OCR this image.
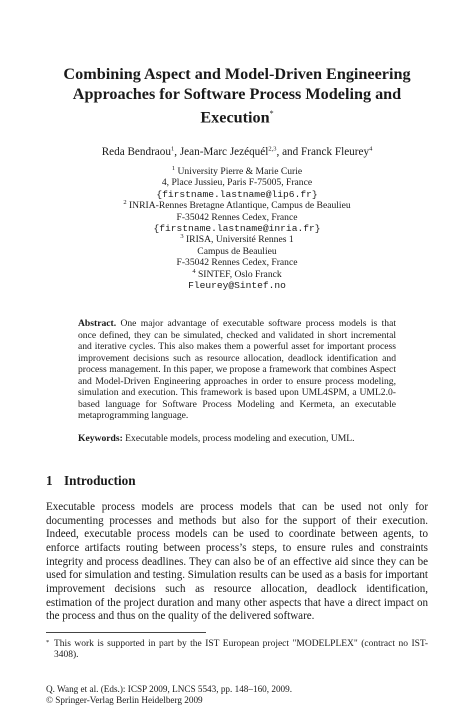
Combining Aspect and Model-Driven Engineering
Approaches for Software Process Modeling and
Execution*
Reda Bendraou$^1$, Jean-Marc Jezéquél$^{2,3}$, and Franck Fleurey$^4$
$^1$ University Pierre & Marie Curie
4, Place Jussieu, Paris F-75005, France
{firstname.lastname@lip6.fr}
$^2$ INRIA-Rennes Bretagne Atlantique, Campus de Beaulieu
F-35042 Rennes Cedex, France
{firstname.lastname@inria.fr}
$^3$ IRISA, Université Rennes 1
Campus de Beaulieu
F-35042 Rennes Cedex, France
$^4$ SINTEF, Oslo Franck
Fleurey@Sintef.no
Abstract. One major advantage of executable software process models is that once defined, they can be simulated, checked and validated in short incremental and iterative cycles. This also makes them a powerful asset for important process improvement decisions such as resource allocation, deadlock identification and process management. In this paper, we propose a framework that combines Aspect and Model-Driven Engineering approaches in order to ensure process modeling, simulation and execution. This framework is based upon UML4SPM, a UML2.0-based language for Software Process Modeling and Kermeta, an executable metaprogramming language.
Keywords: Executable models, process modeling and execution, UML.
1 Introduction
Executable process models are process models that can be used not only for documenting processes and methods but also for the support of their execution. Indeed, executable process models can be used to coordinate between agents, to enforce artifacts routing between process’s steps, to ensure rules and constraints integrity and process deadlines. They can also be of an effective aid since they can be used for simulation and testing. Simulation results can be used as a basis for important improvement decisions such as resource allocation, deadlock identification, estimation of the project duration and many other aspects that have a direct impact on the process and thus on the quality of the delivered software.
* This work is supported in part by the IST European project "MODELPLEX" (contract no IST-3408).
Q. Wang et al. (Eds.): ICSP 2009, LNCS 5543, pp. 148–160, 2009.
© Springer-Verlag Berlin Heidelberg 2009
